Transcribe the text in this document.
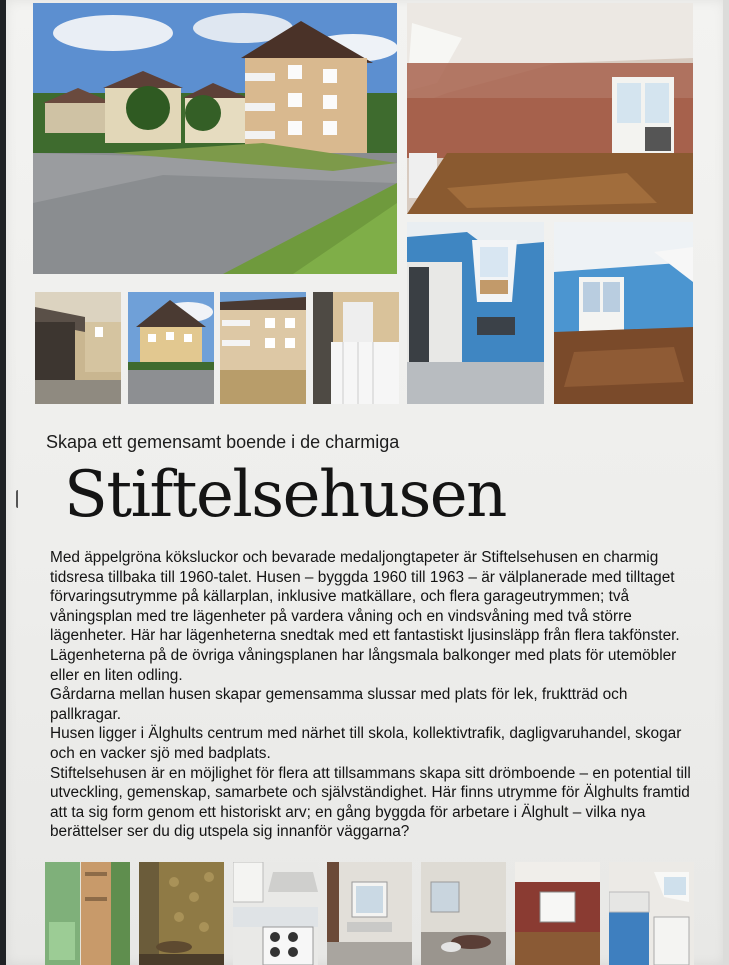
Skapa ett gemensamt boende i de charmiga

Stiftelsehusen

Med äppelgröna köksluckor och bevarade medaljongtapeter är Stiftelsehusen en charmig tidsresa tillbaka till 1960-talet. Husen – byggda 1960 till 1963 – är välplanerade med tilltaget förvaringsutrymme på källarplan, inklusive matkällare, och flera garageutrymmen; två våningsplan med tre lägenheter på vardera våning och en vindsvåning med två större lägenheter. Här har lägenheterna snedtak med ett fantastiskt ljusinsläpp från flera takfönster. Lägenheterna på de övriga våningsplanen har långsmala balkonger med plats för utemöbler eller en liten odling.

Gårdarna mellan husen skapar gemensamma slussar med plats för lek, fruktträd och pallkragar.

Husen ligger i Älghults centrum med närhet till skola, kollektivtrafik, dagligvaruhandel, skogar och en vacker sjö med badplats.

Stiftelsehusen är en möjlighet för flera att tillsammans skapa sitt drömboende – en potential till utveckling, gemenskap, samarbete och självständighet. Här finns utrymme för Älghults framtid att ta sig form genom ett historiskt arv; en gång byggda för arbetare i Älghult – vilka nya berättelser ser du dig utspela sig innanför väggarna?
